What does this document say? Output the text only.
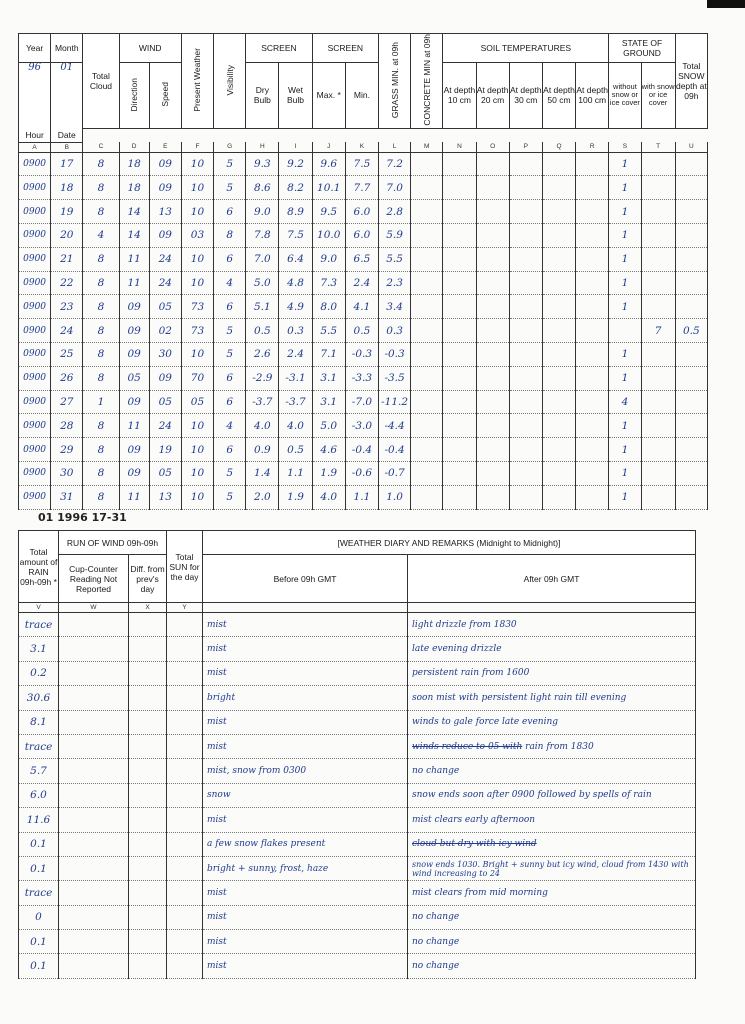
Year	Month	Total Cloud	WIND		Present Weather	Visibility	SCREEN		SCREEN		GRASS MIN. at 09h	CONCRETE MIN at 09h	SOIL TEMPERATURES					STATE OF GROUND		Total SNOW depth at 09h

96	01		Direction	Speed			Dry Bulb	Wet Bulb	Max. *	Min.			At depth 10 cm	At depth 20 cm	At depth 30 cm	At depth 50 cm	At depth 100 cm	without snow or ice cover	with snow or ice cover	
Hour	Date																			
A	B	C	D	E	F	G	H	I	J	K	L	M	N	O	P	Q	R	S	T	U
0900	17	8	18	09	10	5	9.3	9.2	9.6	7.5	7.2							1		
0900	18	8	18	09	10	5	8.6	8.2	10.1	7.7	7.0							1		
0900	19	8	14	13	10	6	9.0	8.9	9.5	6.0	2.8							1		
0900	20	4	14	09	03	8	7.8	7.5	10.0	6.0	5.9							1		
0900	21	8	11	24	10	6	7.0	6.4	9.0	6.5	5.5							1		
0900	22	8	11	24	10	4	5.0	4.8	7.3	2.4	2.3							1		
0900	23	8	09	05	73	6	5.1	4.9	8.0	4.1	3.4							1		
0900	24	8	09	02	73	5	0.5	0.3	5.5	0.5	0.3								7	0.5
0900	25	8	09	30	10	5	2.6	2.4	7.1	-0.3	-0.3							1		
0900	26	8	05	09	70	6	-2.9	-3.1	3.1	-3.3	-3.5							1		
0900	27	1	09	05	05	6	-3.7	-3.7	3.1	-7.0	-11.2							4		
0900	28	8	11	24	10	4	4.0	4.0	5.0	-3.0	-4.4							1		
0900	29	8	09	19	10	6	0.9	0.5	4.6	-0.4	-0.4							1		
0900	30	8	09	05	10	5	1.4	1.1	1.9	-0.6	-0.7							1		
0900	31	8	11	13	10	5	2.0	1.9	4.0	1.1	1.0							1		
01 1996 17-31
Total amount of RAIN 09h-09h *	RUN OF WIND 09h-09h		Total SUN for the day	[WEATHER DIARY AND REMARKS (Midnight to Midnight)]	
	Cup-Counter Reading Not Reported	Diff. from prev's day		Before 09h GMT	After 09h GMT
V	W	X	Y		
trace				mist	light drizzle from 1830
3.1				mist	late evening drizzle
0.2				mist	persistent rain from 1600
30.6				bright	soon mist with persistent light rain till evening
8.1				mist	winds to gale force late evening
trace				mist	winds reduce to 05 with rain from 1830
5.7				mist, snow from 0300	no change
6.0				snow	snow ends soon after 0900 followed by spells of rain
11.6				mist	mist clears early afternoon
0.1				a few snow flakes present	cloud but dry with icy wind
0.1				bright + sunny, frost, haze	snow ends 1030. Bright + sunny but icy wind, cloud from 1430 with wind increasing to 24
trace				mist	mist clears from mid morning
0				mist	no change
0.1				mist	no change
0.1				mist	no change
